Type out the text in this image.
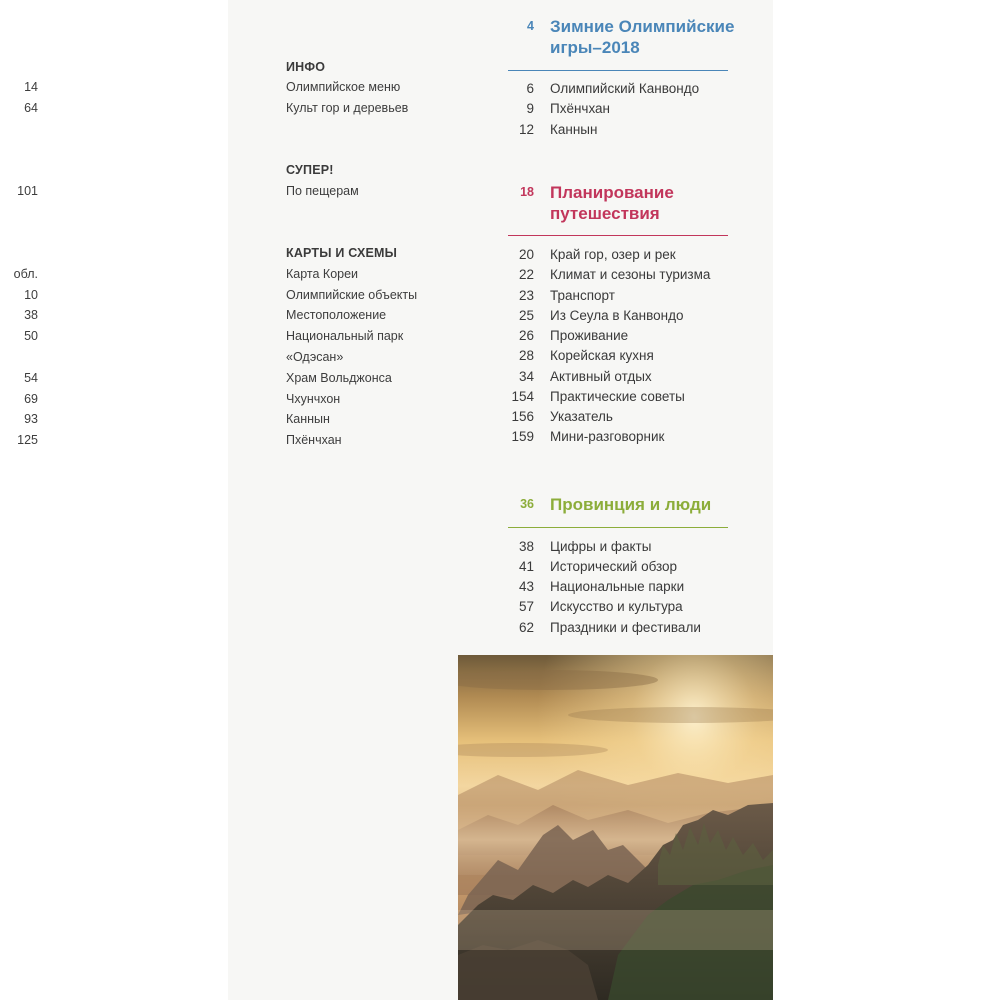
ИНФО
14	Олимпийское меню
64	Культ гор и деревьев
СУПЕР!
101	По пещерам
КАРТЫ И СХЕМЫ
обл.	Карта Кореи
10	Олимпийские объекты
38	Местоположение
50	Национальный парк
«Одэсан»
54	Храм Вольджонса
69	Чхунчхон
93	Каннын
125	Пхёнчхан
4 Зимние Олимпийские
игры–2018
6 Олимпийский Канвондо
9 Пхёнчхан
12 Каннын
18 Планирование
путешествия
20 Край гор, озер и рек
22 Климат и сезоны туризма
23 Транспорт
25 Из Сеула в Канвондо
26 Проживание
28 Корейская кухня
34 Активный отдых
154 Практические советы
156 Указатель
159 Мини-разговорник
36 Провинция и люди
38 Цифры и факты
41 Исторический обзор
43 Национальные парки
57 Искусство и культура
62 Праздники и фестивали
